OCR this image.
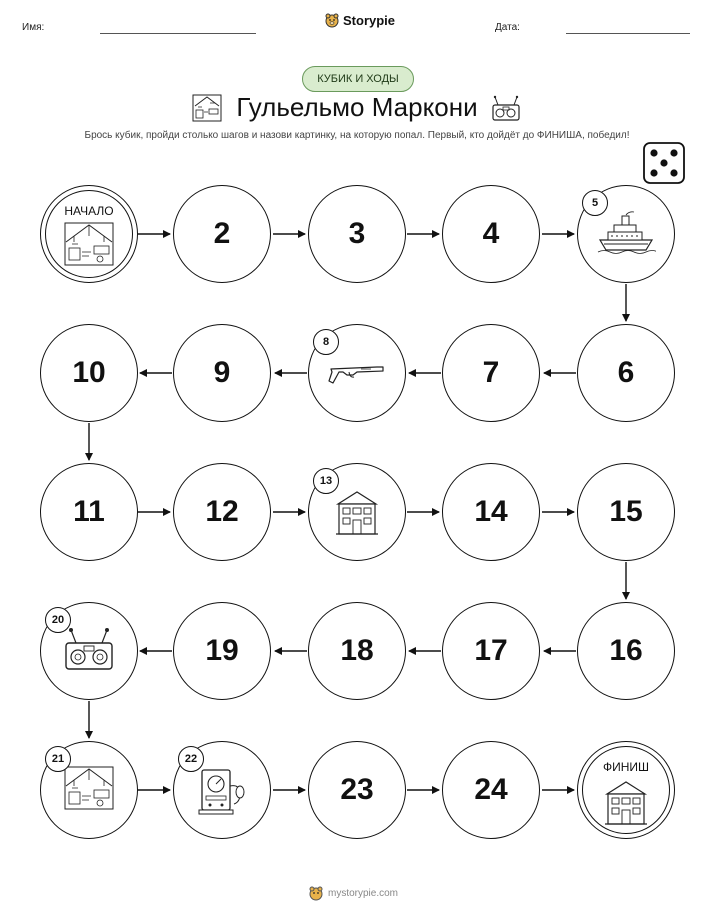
Имя:	Storypie	Дата:
КУБИК И ХОДЫ
Гульельмо Маркони
Брось кубик, пройди столько шагов и назови картинку, на которую попал. Первый, кто дойдёт до ФИНИША, победил!
НАЧАЛО
2	3	4
5
6
7
8
9
10
11	12
13
14	15
16
17
18
19
20
21	22
23	24
ФИНИШ
mystorypie.com
